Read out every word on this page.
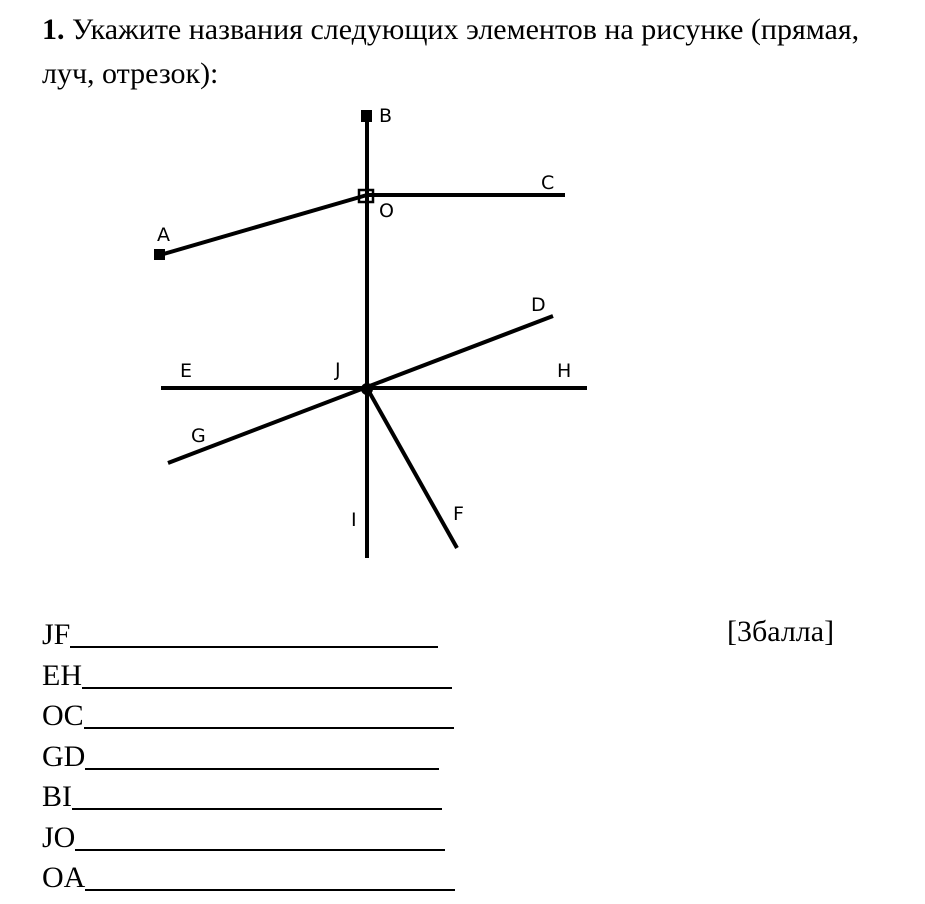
1. Укажите названия следующих элементов на рисунке (прямая, луч, отрезок):
B
C
O
A
D
E	J	H
G
I	F
[3балла]
JF
EH
OC
GD
BI
JO
OA
